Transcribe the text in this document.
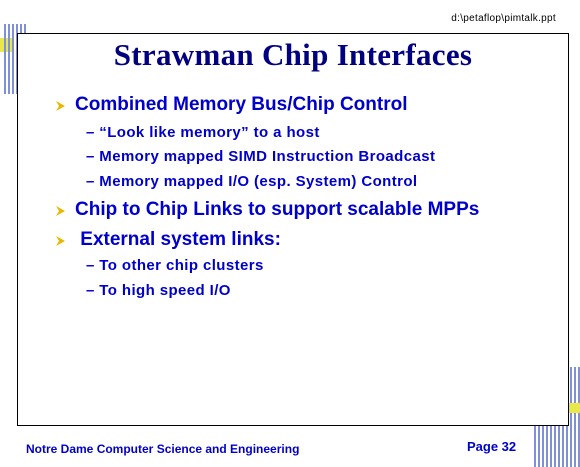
d:\petaflop\pimtalk.ppt
Strawman Chip Interfaces
Combined Memory Bus/Chip Control
– “Look like memory” to a host
– Memory mapped SIMD Instruction Broadcast
– Memory mapped I/O (esp. System) Control
Chip to Chip Links to support scalable MPPs
External system links:
– To other chip clusters
– To high speed I/O
Notre Dame Computer Science and Engineering	Page 32
